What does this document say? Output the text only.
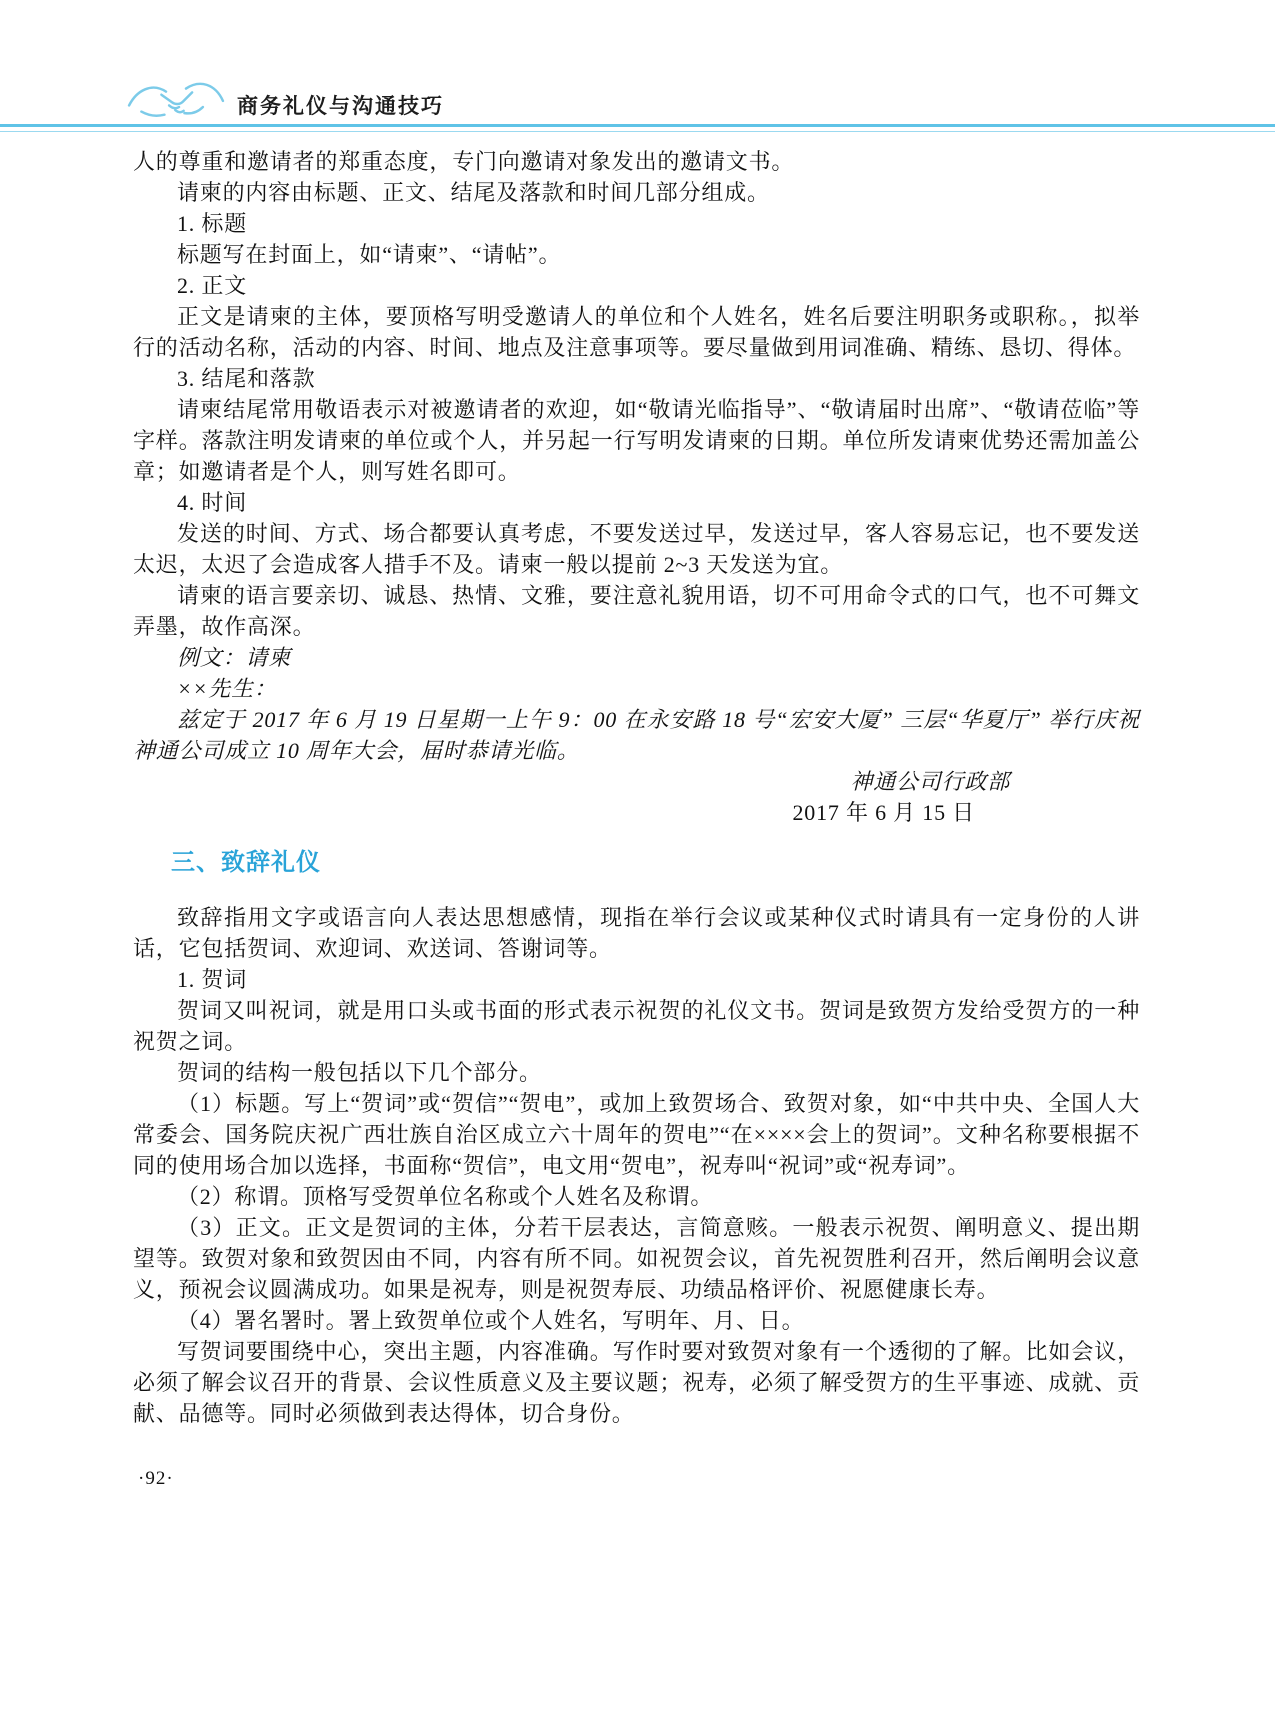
商务礼仪与沟通技巧

人的尊重和邀请者的郑重态度，专门向邀请对象发出的邀请文书。

请柬的内容由标题、正文、结尾及落款和时间几部分组成。

1. 标题

标题写在封面上，如“请柬”、“请帖”。

2. 正文

正文是请柬的主体，要顶格写明受邀请人的单位和个人姓名，姓名后要注明职务或职称。，拟举行的活动名称，活动的内容、时间、地点及注意事项等。要尽量做到用词准确、精练、恳切、得体。

3. 结尾和落款

请柬结尾常用敬语表示对被邀请者的欢迎，如“敬请光临指导”、“敬请届时出席”、“敬请莅临”等字样。落款注明发请柬的单位或个人，并另起一行写明发请柬的日期。单位所发请柬优势还需加盖公章；如邀请者是个人，则写姓名即可。

4. 时间

发送的时间、方式、场合都要认真考虑，不要发送过早，发送过早，客人容易忘记，也不要发送太迟，太迟了会造成客人措手不及。请柬一般以提前 2~3 天发送为宜。

请柬的语言要亲切、诚恳、热情、文雅，要注意礼貌用语，切不可用命令式的口气，也不可舞文弄墨，故作高深。

例文：请柬

××先生：

兹定于 2017 年 6 月 19 日星期一上午 9：00 在永安路 18 号“宏安大厦” 三层“华夏厅” 举行庆祝神通公司成立 10 周年大会，届时恭请光临。

神通公司行政部

2017 年 6 月 15 日

三、致辞礼仪

致辞指用文字或语言向人表达思想感情，现指在举行会议或某种仪式时请具有一定身份的人讲话，它包括贺词、欢迎词、欢送词、答谢词等。

1. 贺词

贺词又叫祝词，就是用口头或书面的形式表示祝贺的礼仪文书。贺词是致贺方发给受贺方的一种祝贺之词。

贺词的结构一般包括以下几个部分。

（1）标题。写上“贺词”或“贺信”“贺电”，或加上致贺场合、致贺对象，如“中共中央、全国人大常委会、国务院庆祝广西壮族自治区成立六十周年的贺电”“在××××会上的贺词”。文种名称要根据不同的使用场合加以选择，书面称“贺信”，电文用“贺电”，祝寿叫“祝词”或“祝寿词”。

（2）称谓。顶格写受贺单位名称或个人姓名及称谓。

（3）正文。正文是贺词的主体，分若干层表达，言简意赅。一般表示祝贺、阐明意义、提出期望等。致贺对象和致贺因由不同，内容有所不同。如祝贺会议，首先祝贺胜利召开，然后阐明会议意义，预祝会议圆满成功。如果是祝寿，则是祝贺寿辰、功绩品格评价、祝愿健康长寿。

（4）署名署时。署上致贺单位或个人姓名，写明年、月、日。

写贺词要围绕中心，突出主题，内容准确。写作时要对致贺对象有一个透彻的了解。比如会议，必须了解会议召开的背景、会议性质意义及主要议题；祝寿，必须了解受贺方的生平事迹、成就、贡献、品德等。同时必须做到表达得体，切合身份。

·92·
